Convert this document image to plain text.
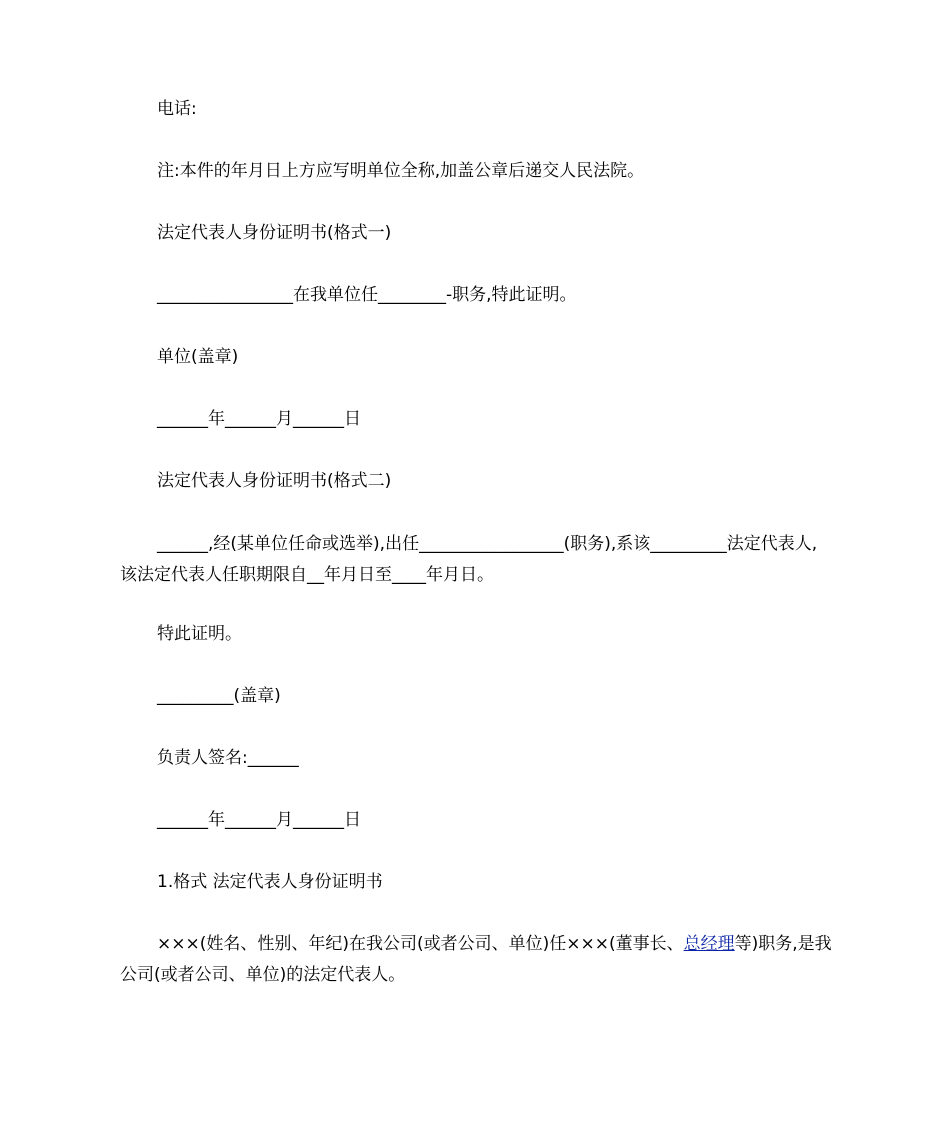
电话:

注:本件的年月日上方应写明单位全称,加盖公章后递交人民法院。

法定代表人身份证明书(格式一)

________________在我单位任________-职务,特此证明。

单位(盖章)

______年______月______日

法定代表人身份证明书(格式二)

______,经(某单位任命或选举),出任_________________(职务),系该_________法定代表人,该法定代表人任职期限自__年月日至____年月日。

特此证明。

_________(盖章)

负责人签名:______

______年______月______日

1.格式 法定代表人身份证明书

×××(姓名、性别、年纪)在我公司(或者公司、单位)任×××(董事长、总经理等)职务,是我公司(或者公司、单位)的法定代表人。
